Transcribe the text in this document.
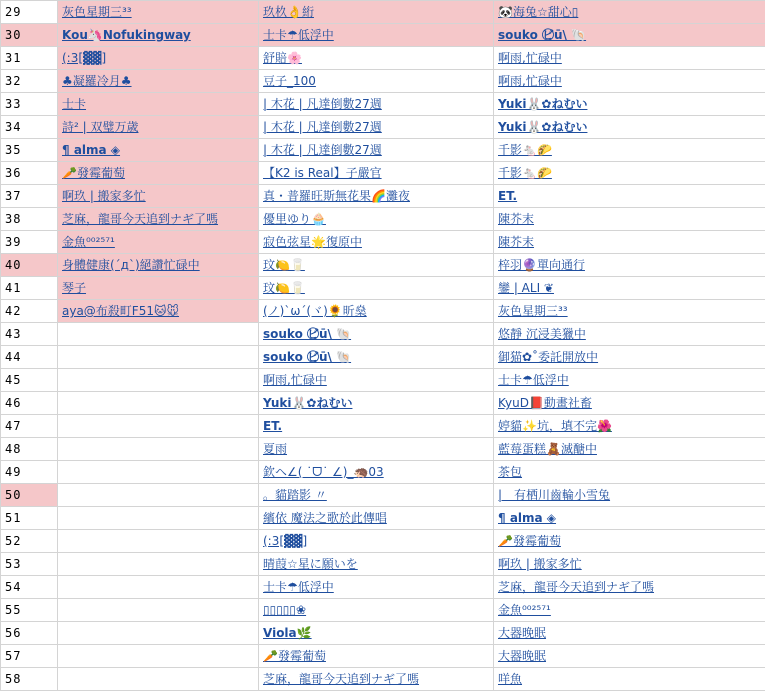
29	灰色星期三³³	玖杦👌絎	🐼海兔☆甜心▯
30	Kou🦄Nofukingway	士卡☂低浮中	souko ビ⃝ū\ 🐚
31	(:3[▓▓]	舒賠🌸	啊雨,忙碌中
32	♣凝羅冷月♣	豆子_100	啊雨,忙碌中
33	士卡	| 木花 | 凡達倒數27週	Yuki🐰✿ねむい
34	詩² | 双璧万歳	| 木花 | 凡達倒數27週	Yuki🐰✿ねむい
35	¶ alma ◈	| 木花 | 凡達倒數27週	千影🐁🌮
36	🥕發霉葡萄	【K2 is Real】子嚴官	千影🐁🌮
37	啊玖 | 搬家多忙	真・普羅旺斯無花果🌈灘夜	ET.
38	芝麻，龍哥今天追到ナギ了嗎	優里ゆり🧁	陳芥末
39	金魚⁰⁰²⁵⁷¹	寂色弦星🌟復原中	陳芥末
40	身體健康(´д`)絕讚忙碌中	玟🍋🥛	梓羽🔮單向通行
41	琴子	玟🍋🥛	鑾 | ALI ❦
42	aya@布殺町F51🐱🐭	(ノ)`ω´(ヾ)🌻昕燊	灰色星期三³³
43		souko ビ⃝ū\ 🐚	悠靜 沉浸美獵中
44		souko ビ⃝ū\ 🐚	御猫✿˚委託開放中
45		啊雨,忙碌中	士卡☂低浮中
46		Yuki🐰✿ねむい	KyuD📕動畫社畜
47		ET.	婷貓✨坑，填不完🌺
48		夏雨	藍莓蛋糕🧸滅醣中
49		欽ヘ∠( ˙ᗜ˙ ∠)_🦔03	茶包
50		。貓踏影 〃	|　有栖川齒輪小雪兔
51		繽依 魔法之歌於此傳唱	¶ alma ◈
52		(:3[▓▓]	🥕發霉葡萄
53		晴葭☆星に願いを	啊玖 | 搬家多忙
54		士卡☂低浮中	芝麻，龍哥今天追到ナギ了嗎
55		▯▯▯▯▯❀	金魚⁰⁰²⁵⁷¹
56		Viola🌿	大器晚眠
57		🥕發霉葡萄	大器晚眠
58		芝麻，龍哥今天追到ナギ了嗎	咩魚
